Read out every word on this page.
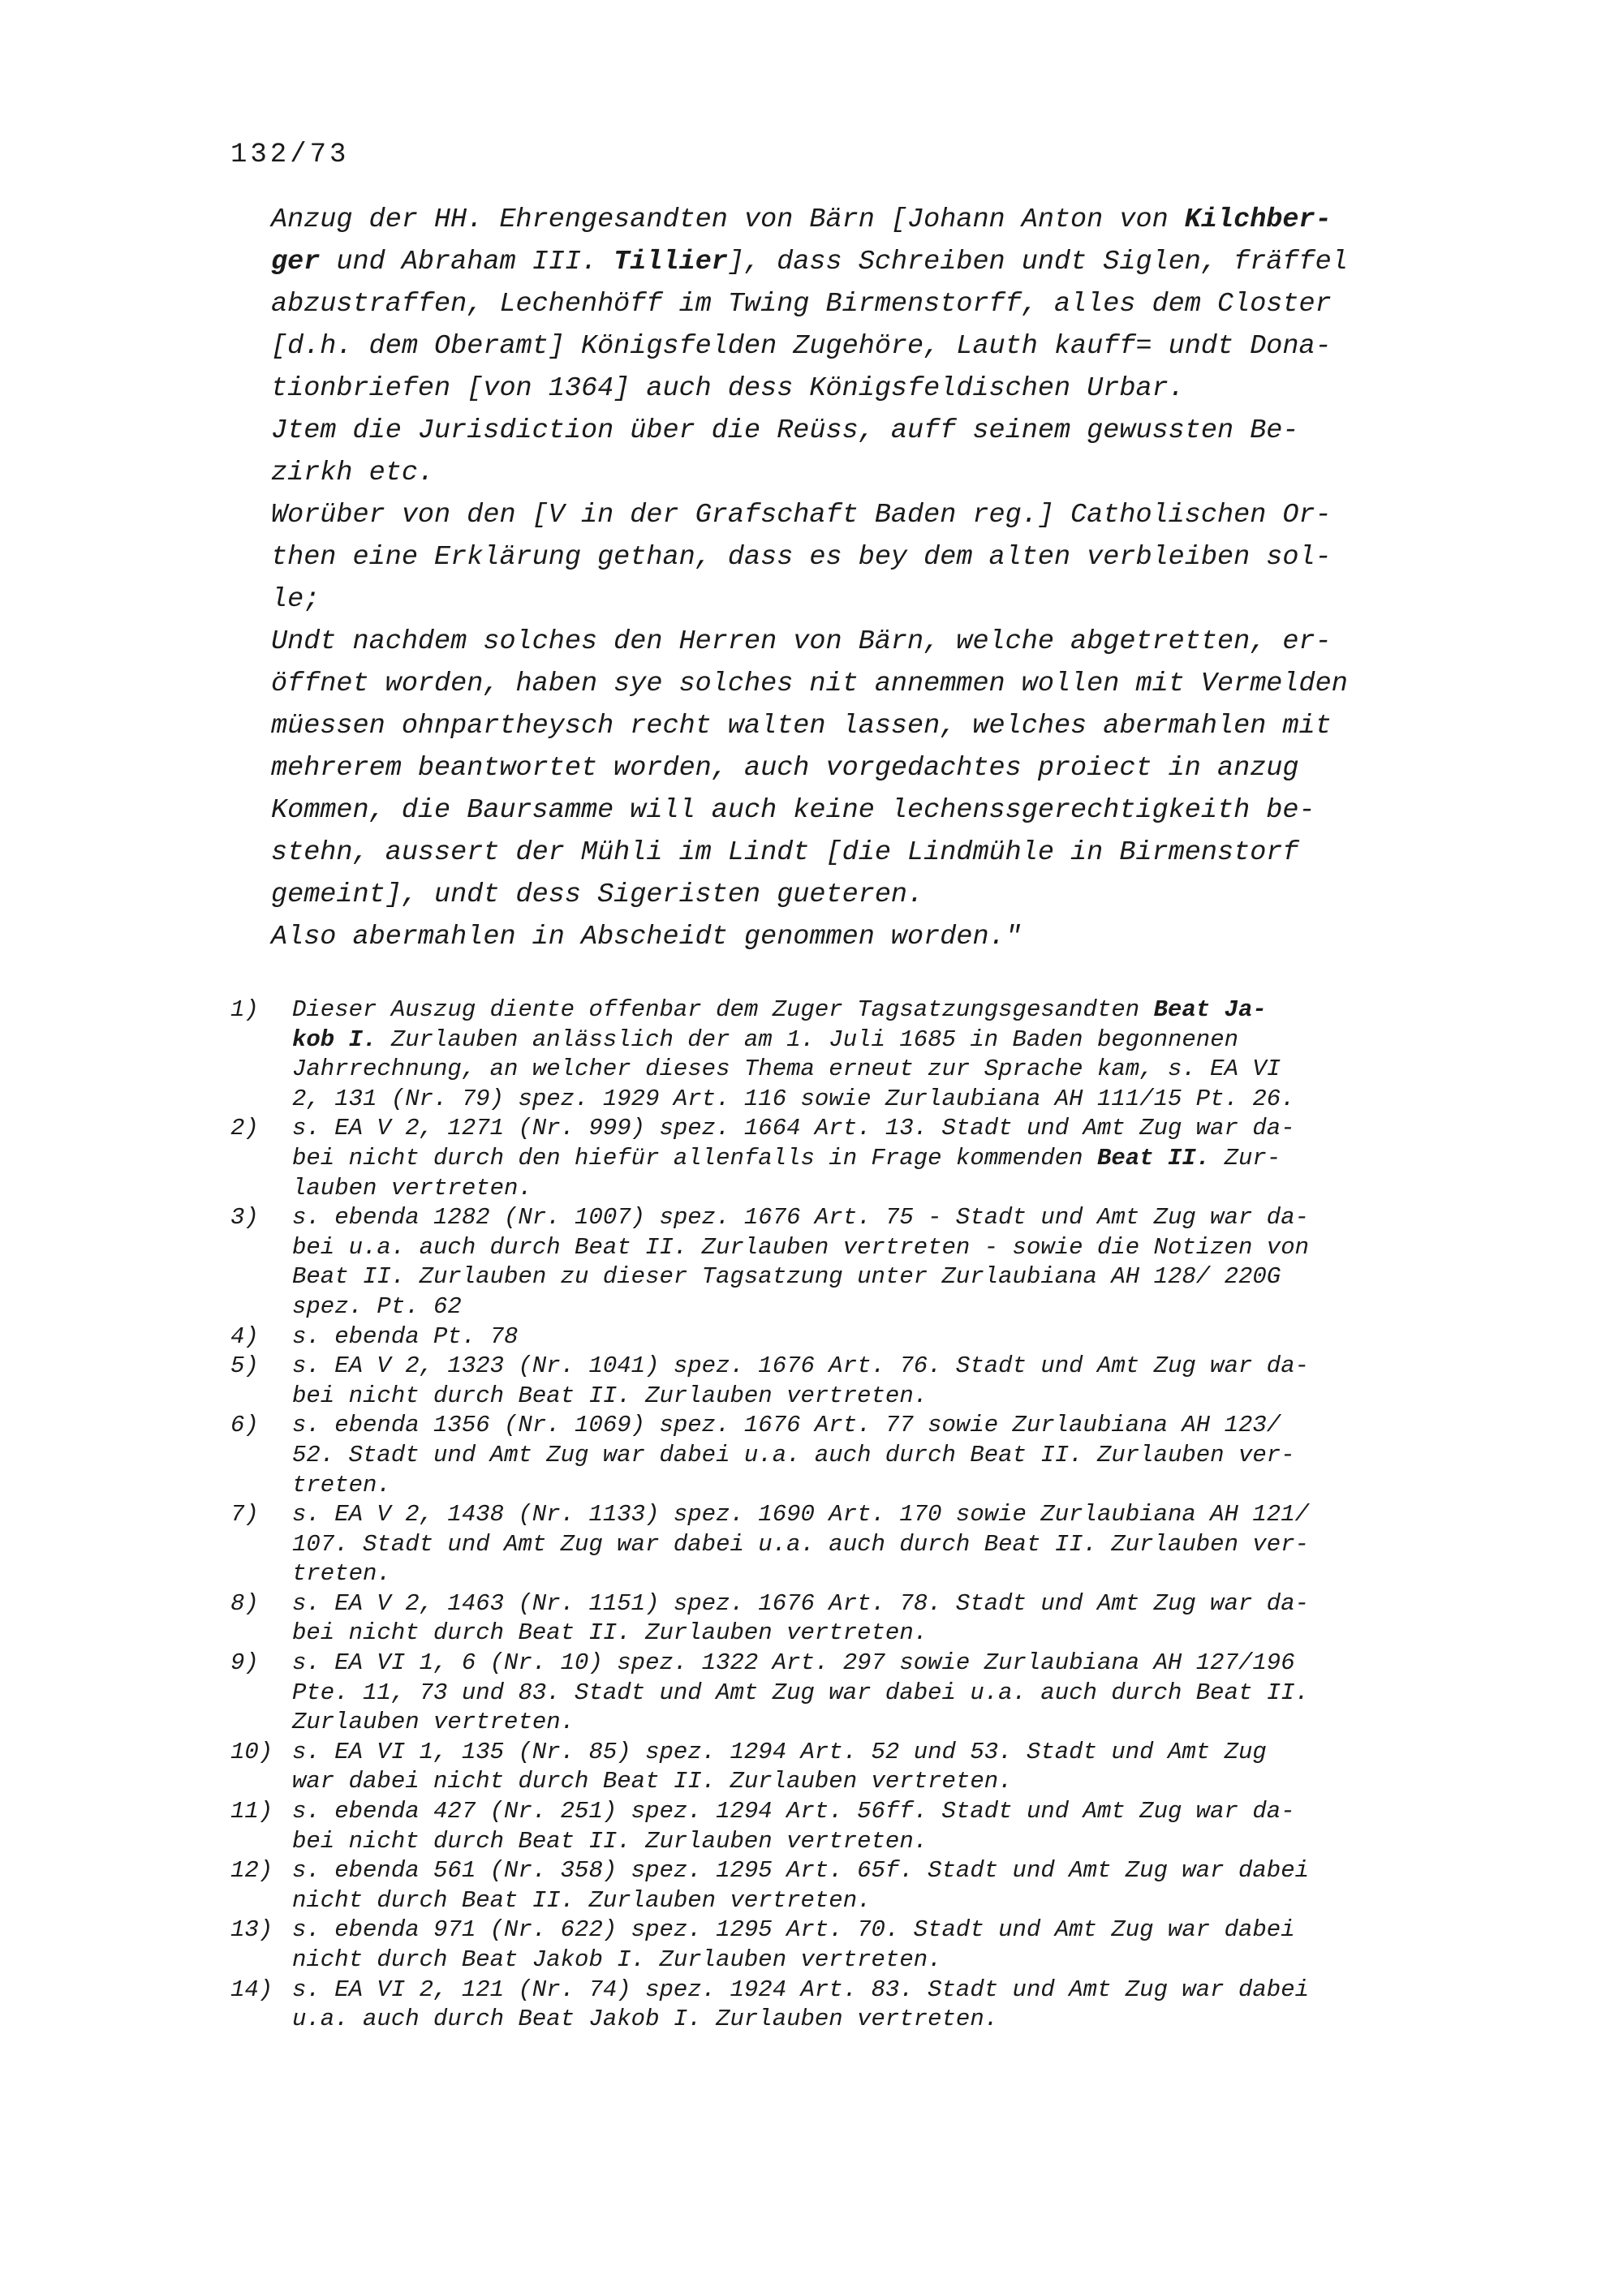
132/73
Anzug der HH. Ehrengesandten von Bärn [Johann Anton von Kilchber-
ger und Abraham III. Tillier], dass Schreiben undt Siglen, fräffel
abzustraffen, Lechenhöff im Twing Birmenstorff, alles dem Closter
[d.h. dem Oberamt] Königsfelden Zugehöre, Lauth kauff= undt Dona-
tionbriefen [von 1364] auch dess Königsfeldischen Urbar.
Jtem die Jurisdiction über die Reüss, auff seinem gewussten Be-
zirkh etc.
Worüber von den [V in der Grafschaft Baden reg.] Catholischen Or-
then eine Erklärung gethan, dass es bey dem alten verbleiben sol-
le;
Undt nachdem solches den Herren von Bärn, welche abgetretten, er-
öffnet worden, haben sye solches nit annemmen wollen mit Vermelden
müessen ohnpartheysch recht walten lassen, welches abermahlen mit
mehrerem beantwortet worden, auch vorgedachtes proiect in anzug
Kommen, die Baursamme will auch keine lechenssgerechtigkeith be-
stehn, aussert der Mühli im Lindt [die Lindmühle in Birmenstorf
gemeint], undt dess Sigeristen gueteren.
Also abermahlen in Abscheidt genommen worden."
1) Dieser Auszug diente offenbar dem Zuger Tagsatzungsgesandten Beat Ja-
kob I. Zurlauben anlässlich der am 1. Juli 1685 in Baden begonnenen
Jahrrechnung, an welcher dieses Thema erneut zur Sprache kam, s. EA VI
2, 131 (Nr. 79) spez. 1929 Art. 116 sowie Zurlaubiana AH 111/15 Pt. 26.
2) s. EA V 2, 1271 (Nr. 999) spez. 1664 Art. 13. Stadt und Amt Zug war da-
bei nicht durch den hiefür allenfalls in Frage kommenden Beat II. Zur-
lauben vertreten.
3) s. ebenda 1282 (Nr. 1007) spez. 1676 Art. 75 - Stadt und Amt Zug war da-
bei u.a. auch durch Beat II. Zurlauben vertreten - sowie die Notizen von
Beat II. Zurlauben zu dieser Tagsatzung unter Zurlaubiana AH 128/ 220G
spez. Pt. 62
4) s. ebenda Pt. 78
5) s. EA V 2, 1323 (Nr. 1041) spez. 1676 Art. 76. Stadt und Amt Zug war da-
bei nicht durch Beat II. Zurlauben vertreten.
6) s. ebenda 1356 (Nr. 1069) spez. 1676 Art. 77 sowie Zurlaubiana AH 123/
52. Stadt und Amt Zug war dabei u.a. auch durch Beat II. Zurlauben ver-
treten.
7) s. EA V 2, 1438 (Nr. 1133) spez. 1690 Art. 170 sowie Zurlaubiana AH 121/
107. Stadt und Amt Zug war dabei u.a. auch durch Beat II. Zurlauben ver-
treten.
8) s. EA V 2, 1463 (Nr. 1151) spez. 1676 Art. 78. Stadt und Amt Zug war da-
bei nicht durch Beat II. Zurlauben vertreten.
9) s. EA VI 1, 6 (Nr. 10) spez. 1322 Art. 297 sowie Zurlaubiana AH 127/196
Pte. 11, 73 und 83. Stadt und Amt Zug war dabei u.a. auch durch Beat II.
Zurlauben vertreten.
10) s. EA VI 1, 135 (Nr. 85) spez. 1294 Art. 52 und 53. Stadt und Amt Zug
war dabei nicht durch Beat II. Zurlauben vertreten.
11) s. ebenda 427 (Nr. 251) spez. 1294 Art. 56ff. Stadt und Amt Zug war da-
bei nicht durch Beat II. Zurlauben vertreten.
12) s. ebenda 561 (Nr. 358) spez. 1295 Art. 65f. Stadt und Amt Zug war dabei
nicht durch Beat II. Zurlauben vertreten.
13) s. ebenda 971 (Nr. 622) spez. 1295 Art. 70. Stadt und Amt Zug war dabei
nicht durch Beat Jakob I. Zurlauben vertreten.
14) s. EA VI 2, 121 (Nr. 74) spez. 1924 Art. 83. Stadt und Amt Zug war dabei
u.a. auch durch Beat Jakob I. Zurlauben vertreten.
